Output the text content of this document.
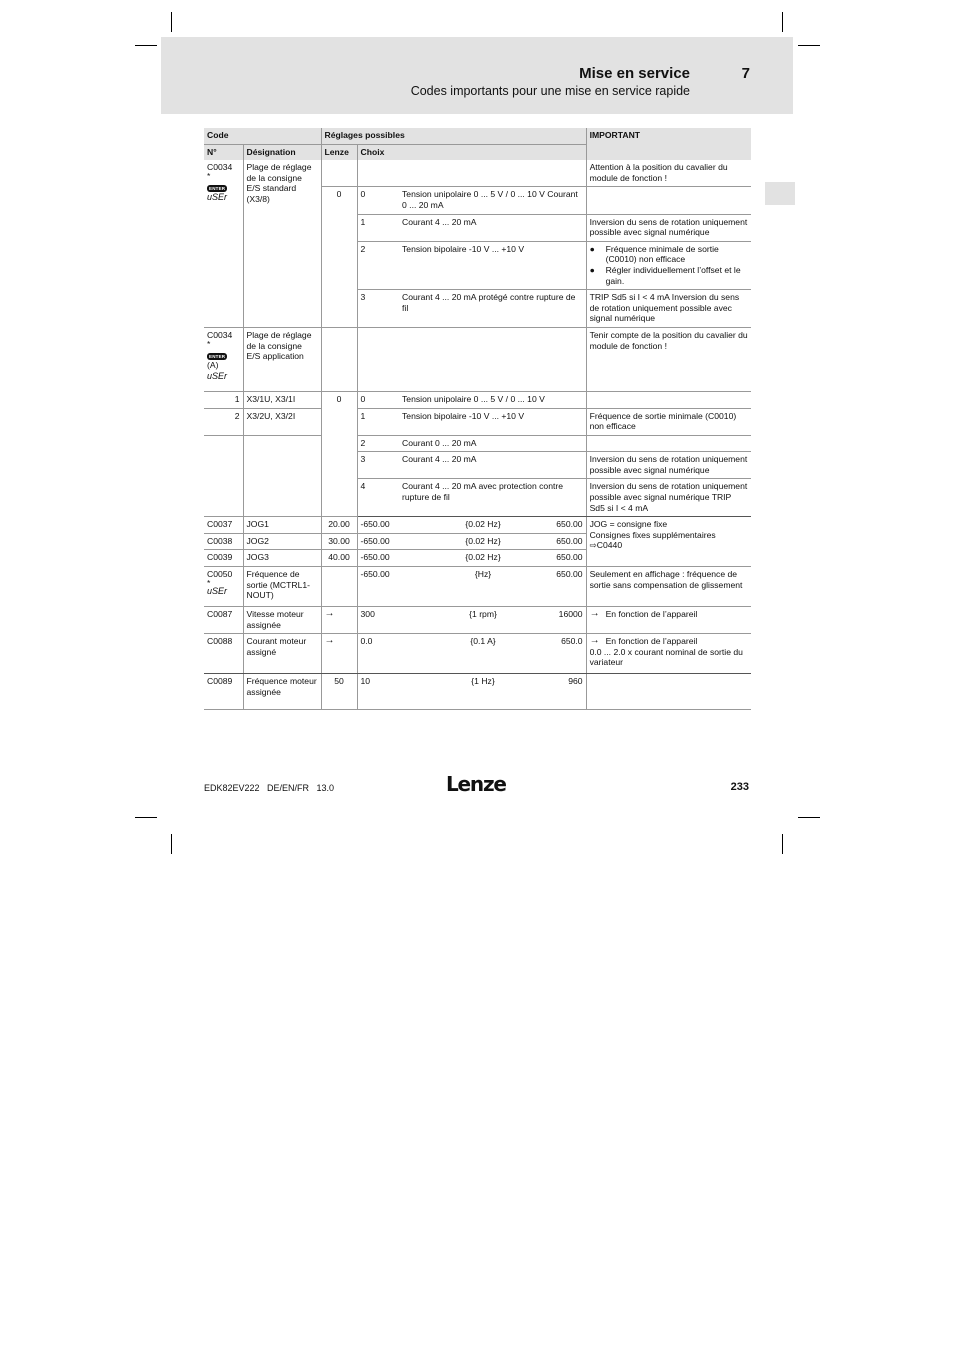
Mise en service	7
Codes importants pour une mise en service rapide
Code		Réglages possibles					IMPORTANT
N°	Désignation	Lenze	Choix				

C0034
*
ENTER
uSEr	Plage de réglage de la consigne E/S standard (X3/8)						Attention à la position du cavalier du module de fonction !
		0	0	Tension unipolaire 0 ... 5 V / 0 ... 10 V Courant 0 ... 20 mA			
			1	Courant 4 ... 20 mA			Inversion du sens de rotation uniquement possible avec signal numérique
			2	Tension bipolaire -10 V ... +10 V			● Fréquence minimale de sortie (C0010) non efficace
● Régler individuellement l’offset et le gain.

			3	Courant 4 ... 20 mA protégé contre rupture de fil			TRIP Sd5 si I < 4 mA Inversion du sens de rotation uniquement possible avec signal numérique

C0034
*
ENTER
(A)
uSEr	Plage de réglage de la consigne E/S application						Tenir compte de la position du cavalier du module de fonction !
1	X3/1U, X3/1I	0	0	Tension unipolaire 0 ... 5 V / 0 ... 10 V			
2	X3/2U, X3/2I		1	Tension bipolaire -10 V ... +10 V			Fréquence de sortie minimale (C0010) non efficace
			2	Courant 0 ... 20 mA			
			3	Courant 4 ... 20 mA			Inversion du sens de rotation uniquement possible avec signal numérique
			4	Courant 4 ... 20 mA avec protection contre rupture de fil			Inversion du sens de rotation uniquement possible avec signal numérique TRIP Sd5 si I < 4 mA
C0037	JOG1	20.00	-650.00		{0.02 Hz}	650.00	JOG = consigne fixe
Consignes fixes supplémentaires
⇨C0440

C0038	JOG2	30.00	-650.00		{0.02 Hz}	650.00	
C0039	JOG3	40.00	-650.00		{0.02 Hz}	650.00	

C0050
*
uSEr	Fréquence de sortie (MCTRL1-NOUT)		-650.00		{Hz}	650.00	Seulement en affichage : fréquence de sortie sans compensation de glissement
C0087	Vitesse moteur assignée	→	300		{1 rpm}	16000	→ En fonction de l’appareil

C0088	Courant moteur assigné	→	0.0		{0.1 A}	650.0	→ En fonction de l’appareil
0.0 ... 2.0 x courant nominal de sortie du variateur

C0089	Fréquence moteur assignée	50	10		{1 Hz}	960	
EDK82EV222   DE/EN/FR   13.0	Lenze	233
